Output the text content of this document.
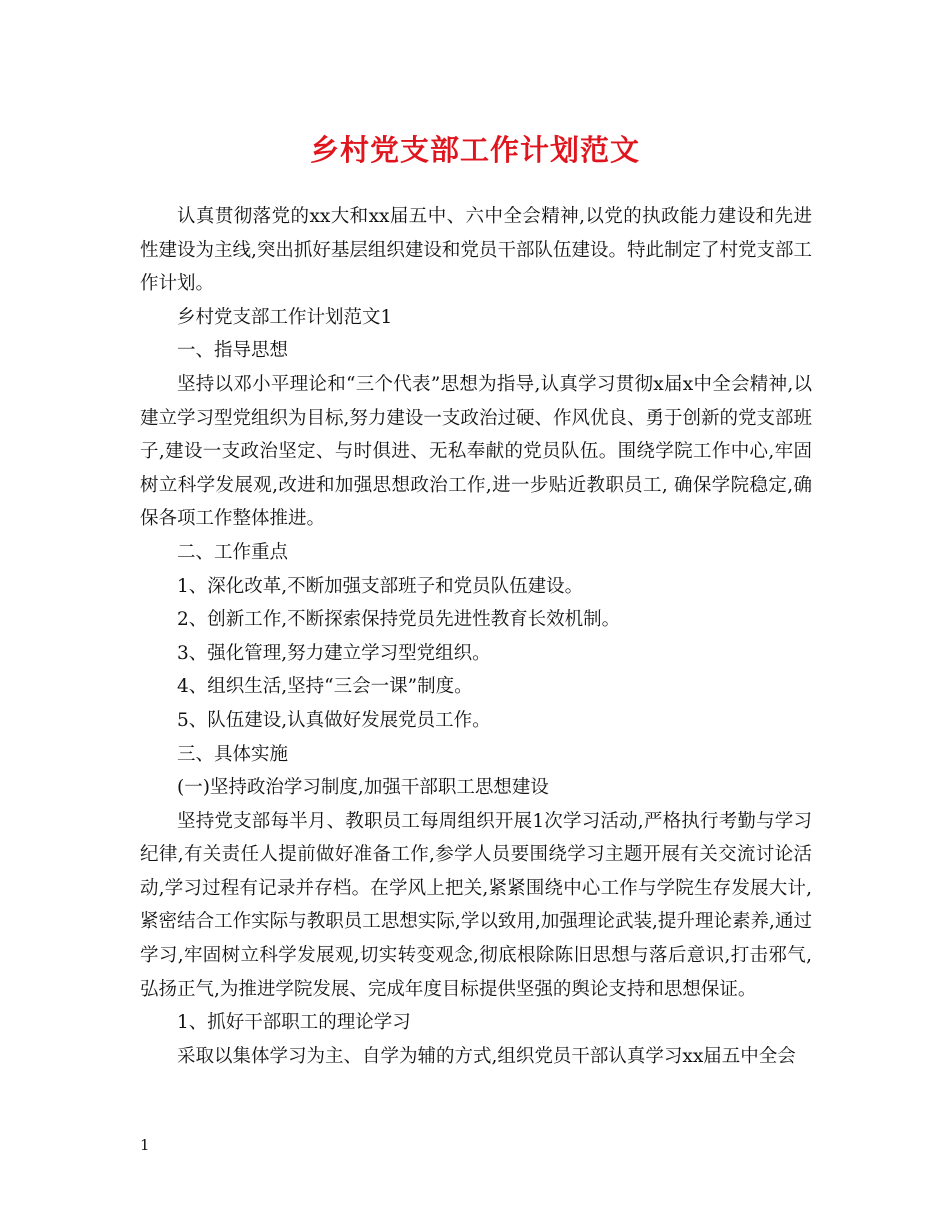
乡村党支部工作计划范文

认真贯彻落党的xx大和xx届五中、六中全会精神,以党的执政能力建设和先进性建设为主线,突出抓好基层组织建设和党员干部队伍建设。特此制定了村党支部工作计划。

乡村党支部工作计划范文1

一、指导思想

坚持以邓小平理论和“三个代表”思想为指导,认真学习贯彻x届x中全会精神,以建立学习型党组织为目标,努力建设一支政治过硬、作风优良、勇于创新的党支部班子,建设一支政治坚定、与时俱进、无私奉献的党员队伍。围绕学院工作中心,牢固树立科学发展观,改进和加强思想政治工作,进一步贴近教职员工, 确保学院稳定,确保各项工作整体推进。

二、工作重点

1、深化改革,不断加强支部班子和党员队伍建设。

2、创新工作,不断探索保持党员先进性教育长效机制。

3、强化管理,努力建立学习型党组织。

4、组织生活,坚持“三会一课”制度。

5、队伍建设,认真做好发展党员工作。

三、具体实施

(一)坚持政治学习制度,加强干部职工思想建设

坚持党支部每半月、教职员工每周组织开展1次学习活动,严格执行考勤与学习纪律,有关责任人提前做好准备工作,参学人员要围绕学习主题开展有关交流讨论活动,学习过程有记录并存档。在学风上把关,紧紧围绕中心工作与学院生存发展大计,紧密结合工作实际与教职员工思想实际,学以致用,加强理论武装,提升理论素养,通过学习,牢固树立科学发展观,切实转变观念,彻底根除陈旧思想与落后意识,打击邪气,弘扬正气,为推进学院发展、完成年度目标提供坚强的舆论支持和思想保证。

1、抓好干部职工的理论学习

采取以集体学习为主、自学为辅的方式,组织党员干部认真学习xx届五中全会

1
